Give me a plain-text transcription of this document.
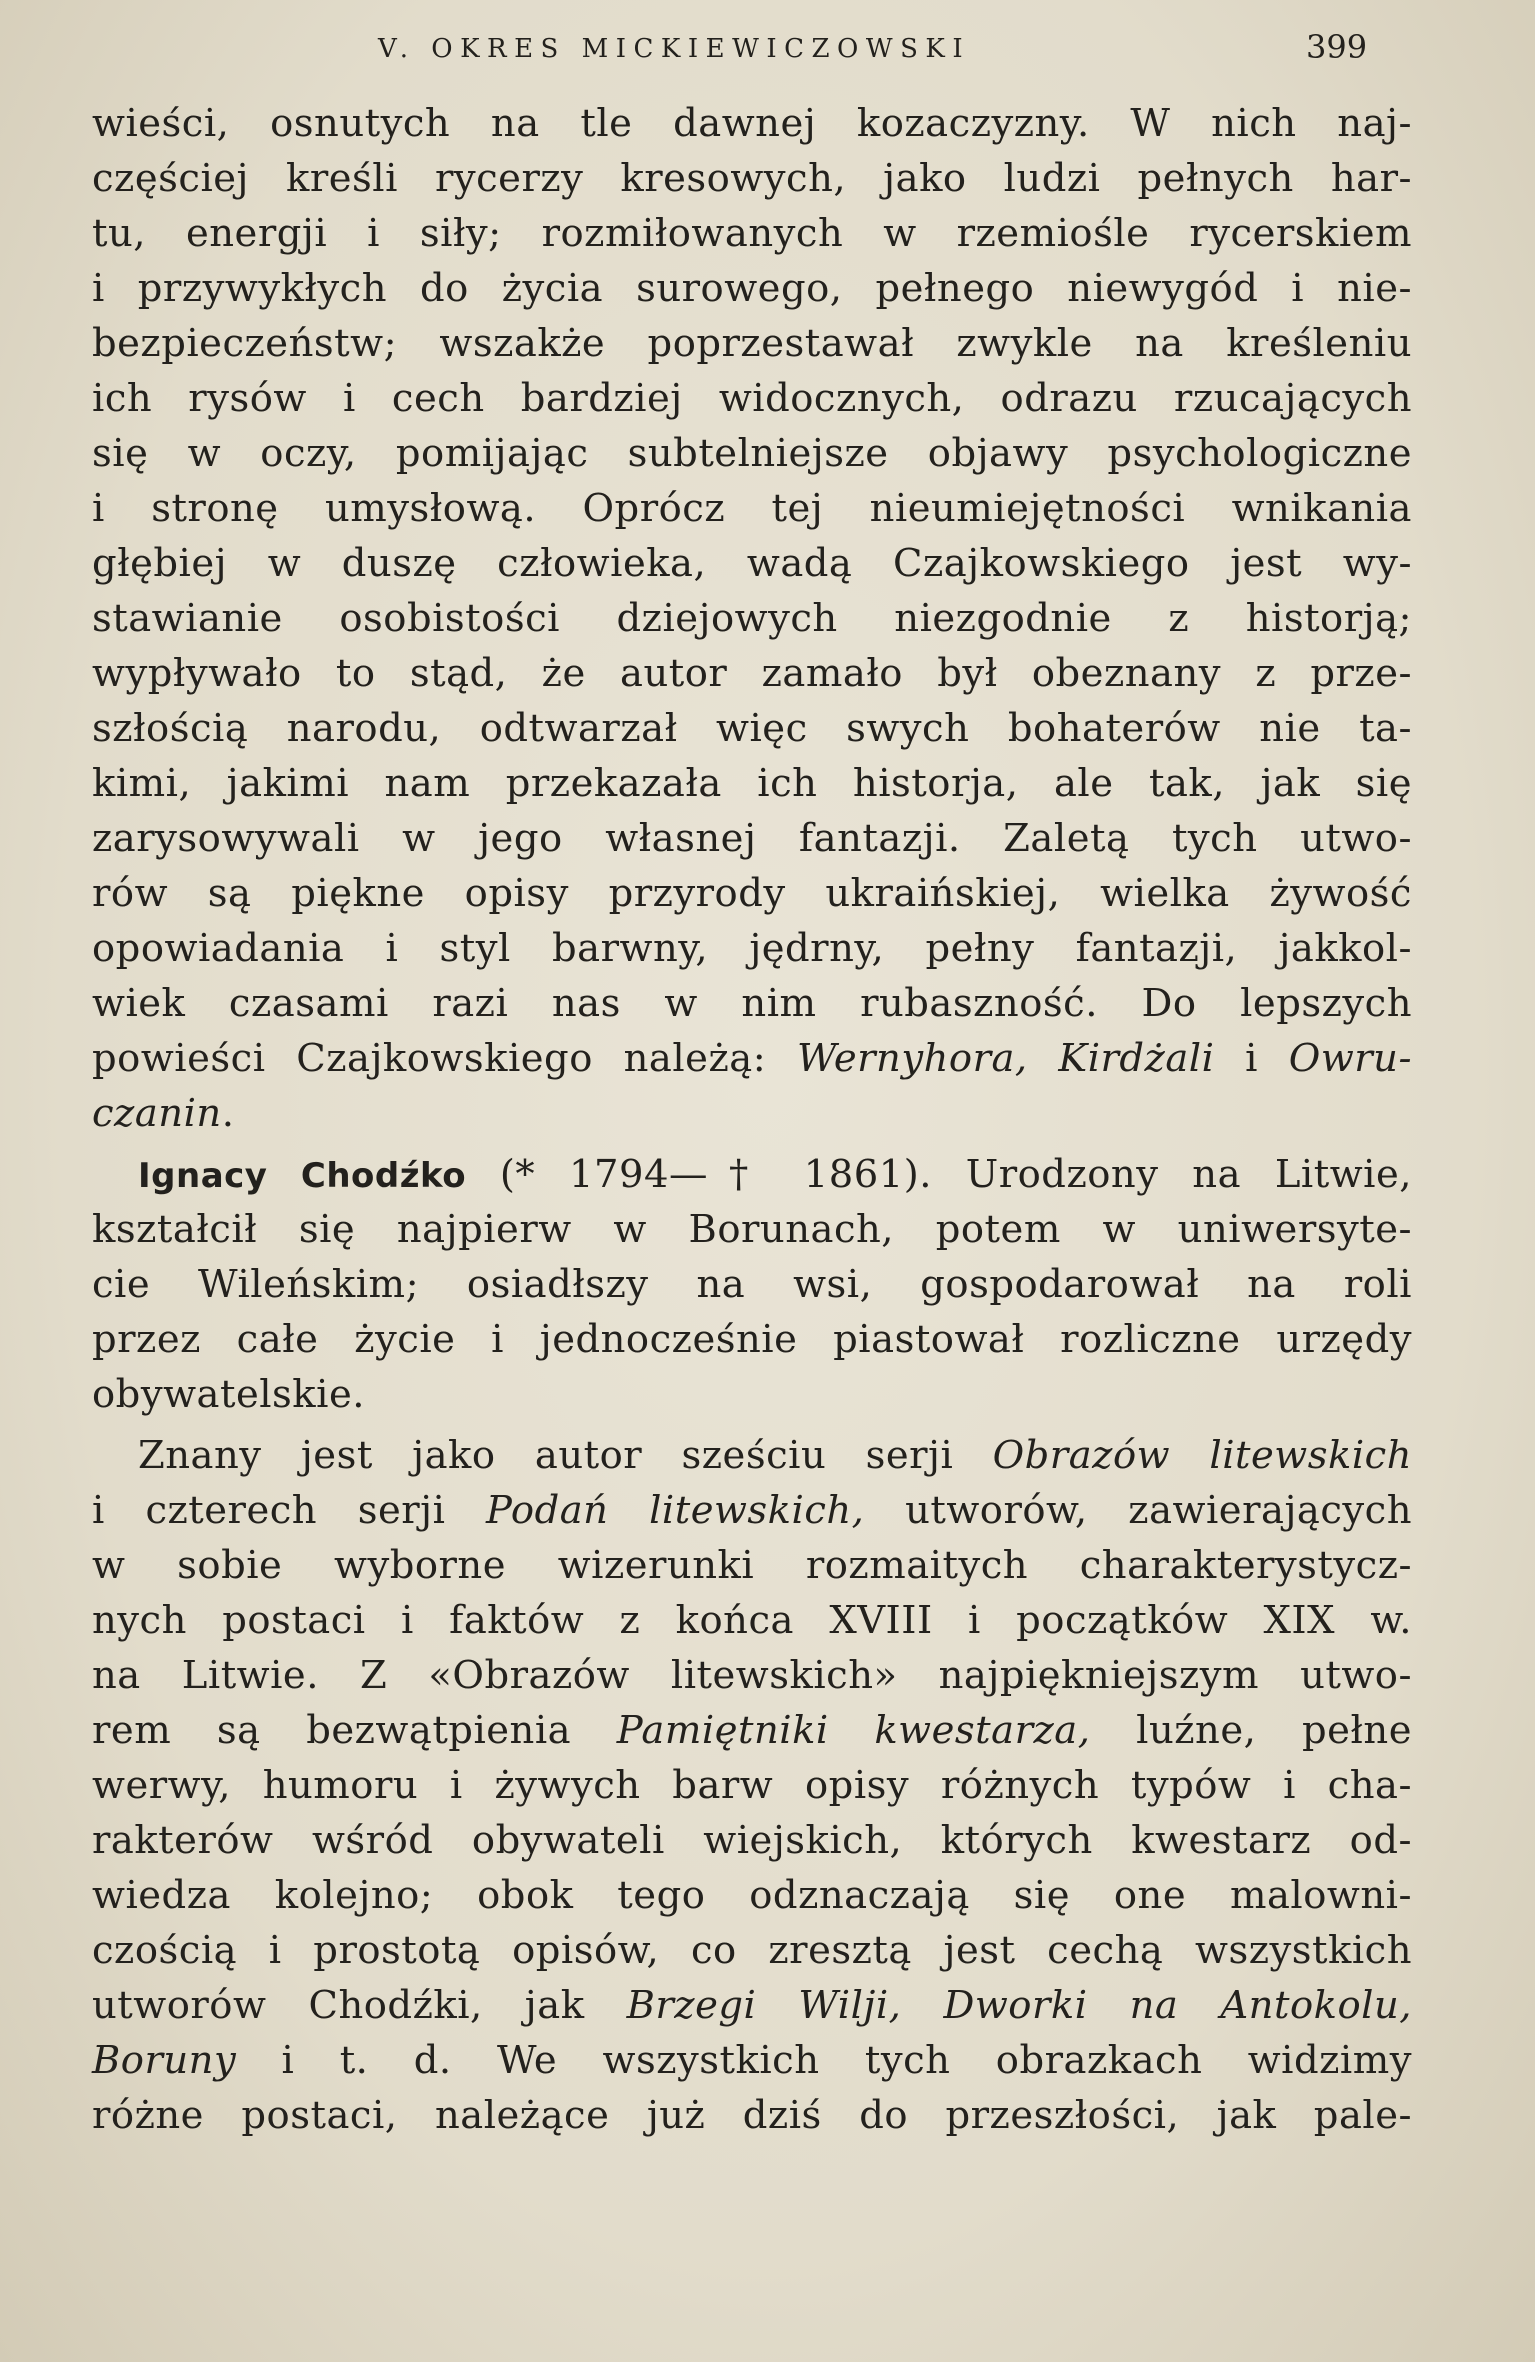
V. OKRES MICKIEWICZOWSKI	399
wieści, osnutych na tle dawnej kozaczyzny. W nich naj-
częściej kreśli rycerzy kresowych, jako ludzi pełnych har-
tu, energji i siły; rozmiłowanych w rzemiośle rycerskiem
i przywykłych do życia surowego, pełnego niewygód i nie-
bezpieczeństw; wszakże poprzestawał zwykle na kreśleniu
ich rysów i cech bardziej widocznych, odrazu rzucających
się w oczy, pomijając subtelniejsze objawy psychologiczne
i stronę umysłową. Oprócz tej nieumiejętności wnikania
głębiej w duszę człowieka, wadą Czajkowskiego jest wy-
stawianie osobistości dziejowych niezgodnie z historją;
wypływało to stąd, że autor zamało był obeznany z prze-
szłością narodu, odtwarzał więc swych bohaterów nie ta-
kimi, jakimi nam przekazała ich historja, ale tak, jak się
zarysowywali w jego własnej fantazji. Zaletą tych utwo-
rów są piękne opisy przyrody ukraińskiej, wielka żywość
opowiadania i styl barwny, jędrny, pełny fantazji, jakkol-
wiek czasami razi nas w nim rubaszność. Do lepszych
powieści Czajkowskiego należą: Wernyhora, Kirdżali i Owru-
czanin.
Ignacy Chodźko (* 1794—† 1861). Urodzony na Litwie,
kształcił się najpierw w Borunach, potem w uniwersyte-
cie Wileńskim; osiadłszy na wsi, gospodarował na roli
przez całe życie i jednocześnie piastował rozliczne urzędy
obywatelskie.
Znany jest jako autor sześciu serji Obrazów litewskich
i czterech serji Podań litewskich, utworów, zawierających
w sobie wyborne wizerunki rozmaitych charakterystycz-
nych postaci i faktów z końca XVIII i początków XIX w.
na Litwie. Z «Obrazów litewskich» najpiękniejszym utwo-
rem są bezwątpienia Pamiętniki kwestarza, luźne, pełne
werwy, humoru i żywych barw opisy różnych typów i cha-
rakterów wśród obywateli wiejskich, których kwestarz od-
wiedza kolejno; obok tego odznaczają się one malowni-
czością i prostotą opisów, co zresztą jest cechą wszystkich
utworów Chodźki, jak Brzegi Wilji, Dworki na Antokolu,
Boruny i t. d. We wszystkich tych obrazkach widzimy
różne postaci, należące już dziś do przeszłości, jak pale-
